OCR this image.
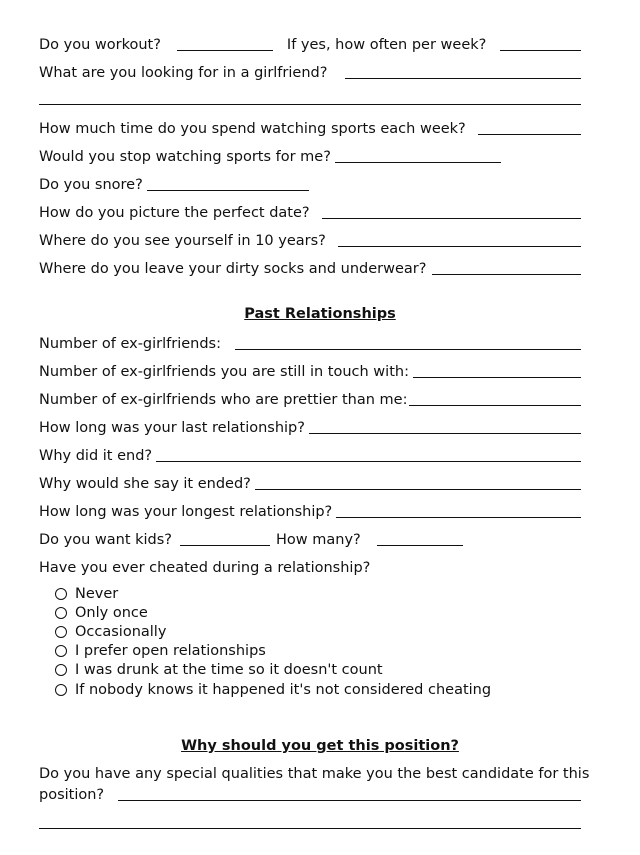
Do you workout?	If yes, how often per week?
What are you looking for in a girlfriend?
How much time do you spend watching sports each week?
Would you stop watching sports for me?
Do you snore?
How do you picture the perfect date?
Where do you see yourself in 10 years?
Where do you leave your dirty socks and underwear?
Past Relationships
Number of ex-girlfriends:
Number of ex-girlfriends you are still in touch with:
Number of ex-girlfriends who are prettier than me:
How long was your last relationship?
Why did it end?
Why would she say it ended?
How long was your longest relationship?
Do you want kids?	How many?
Have you ever cheated during a relationship?
Never
Only once
Occasionally
I prefer open relationships
I was drunk at the time so it doesn't count
If nobody knows it happened it's not considered cheating
Why should you get this position?
Do you have any special qualities that make you the best candidate for this
position?
